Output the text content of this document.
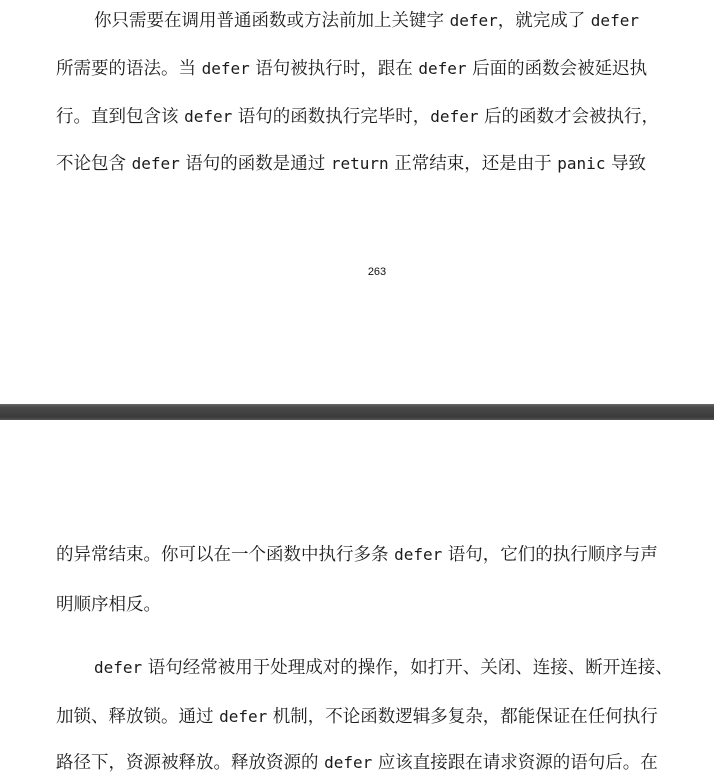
你只需要在调用普通函数或方法前加上关键字 defer，就完成了 defer
所需要的语法。当 defer 语句被执行时，跟在 defer 后面的函数会被延迟执
行。直到包含该 defer 语句的函数执行完毕时，defer 后的函数才会被执行，
不论包含 defer 语句的函数是通过 return 正常结束，还是由于 panic 导致
263
的异常结束。你可以在一个函数中执行多条 defer 语句，它们的执行顺序与声
明顺序相反。
defer 语句经常被用于处理成对的操作，如打开、关闭、连接、断开连接、
加锁、释放锁。通过 defer 机制，不论函数逻辑多复杂，都能保证在任何执行
路径下，资源被释放。释放资源的 defer 应该直接跟在请求资源的语句后。在
